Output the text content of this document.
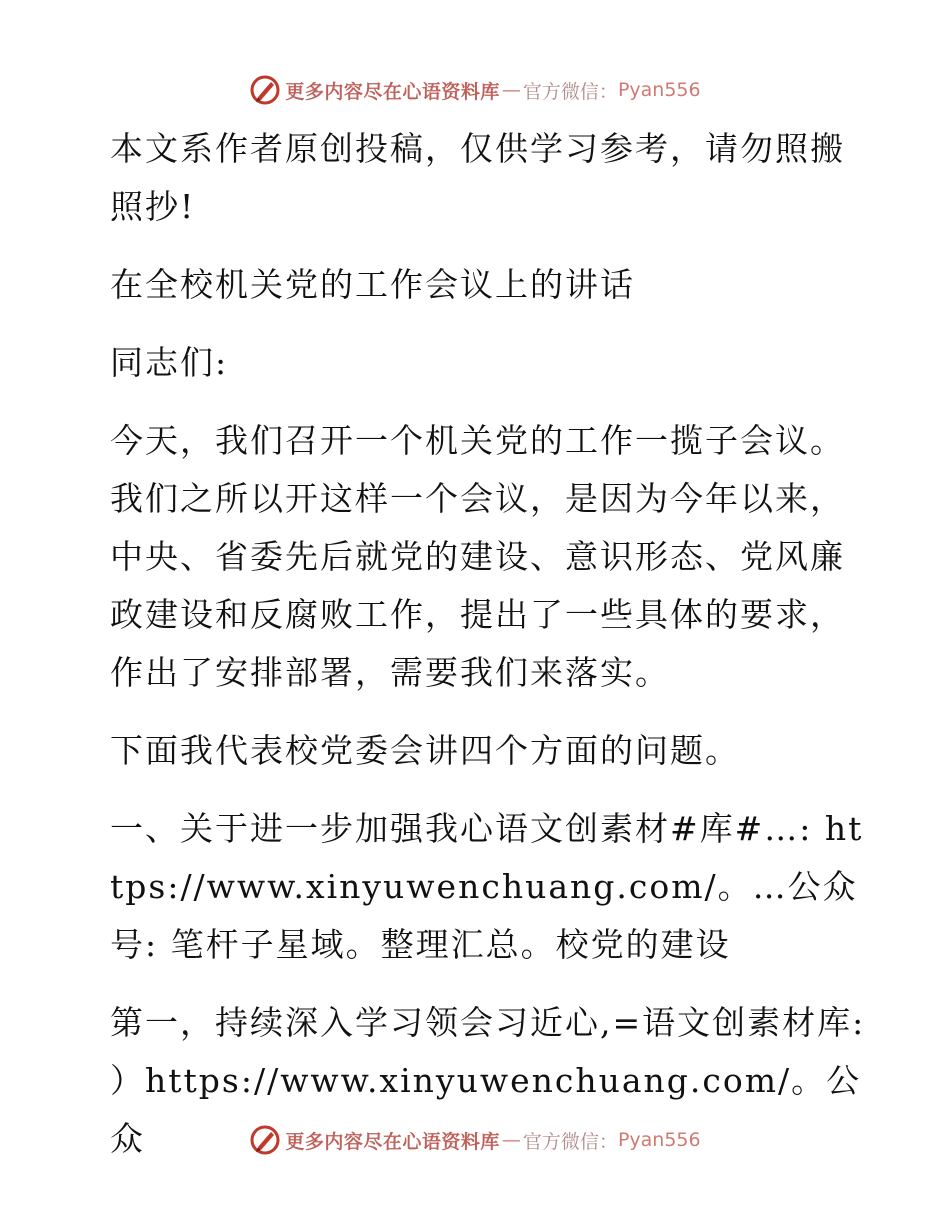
更多内容尽在心语资料库 — 官方微信： Pyan556

本文系作者原创投稿，仅供学习参考，请勿照搬照抄!

在全校机关党的工作会议上的讲话

同志们:

今天，我们召开一个机关党的工作一揽子会议。我们之所以开这样一个会议，是因为今年以来，中央、省委先后就党的建设、意识形态、党风廉政建设和反腐败工作，提出了一些具体的要求，作出了安排部署，需要我们来落实。

下面我代表校党委会讲四个方面的问题。

一、关于进一步加强我心语文创素材#库#…: https://www.xinyuwenchuang.com/。…公众号: 笔杆子星域。整理汇总。校党的建设

第一，持续深入学习领会习近心,=语文创素材库: ）https://www.xinyuwenchuang.com/。公众	更多内容尽在心语资料库 — 官方微信： Pyan556
